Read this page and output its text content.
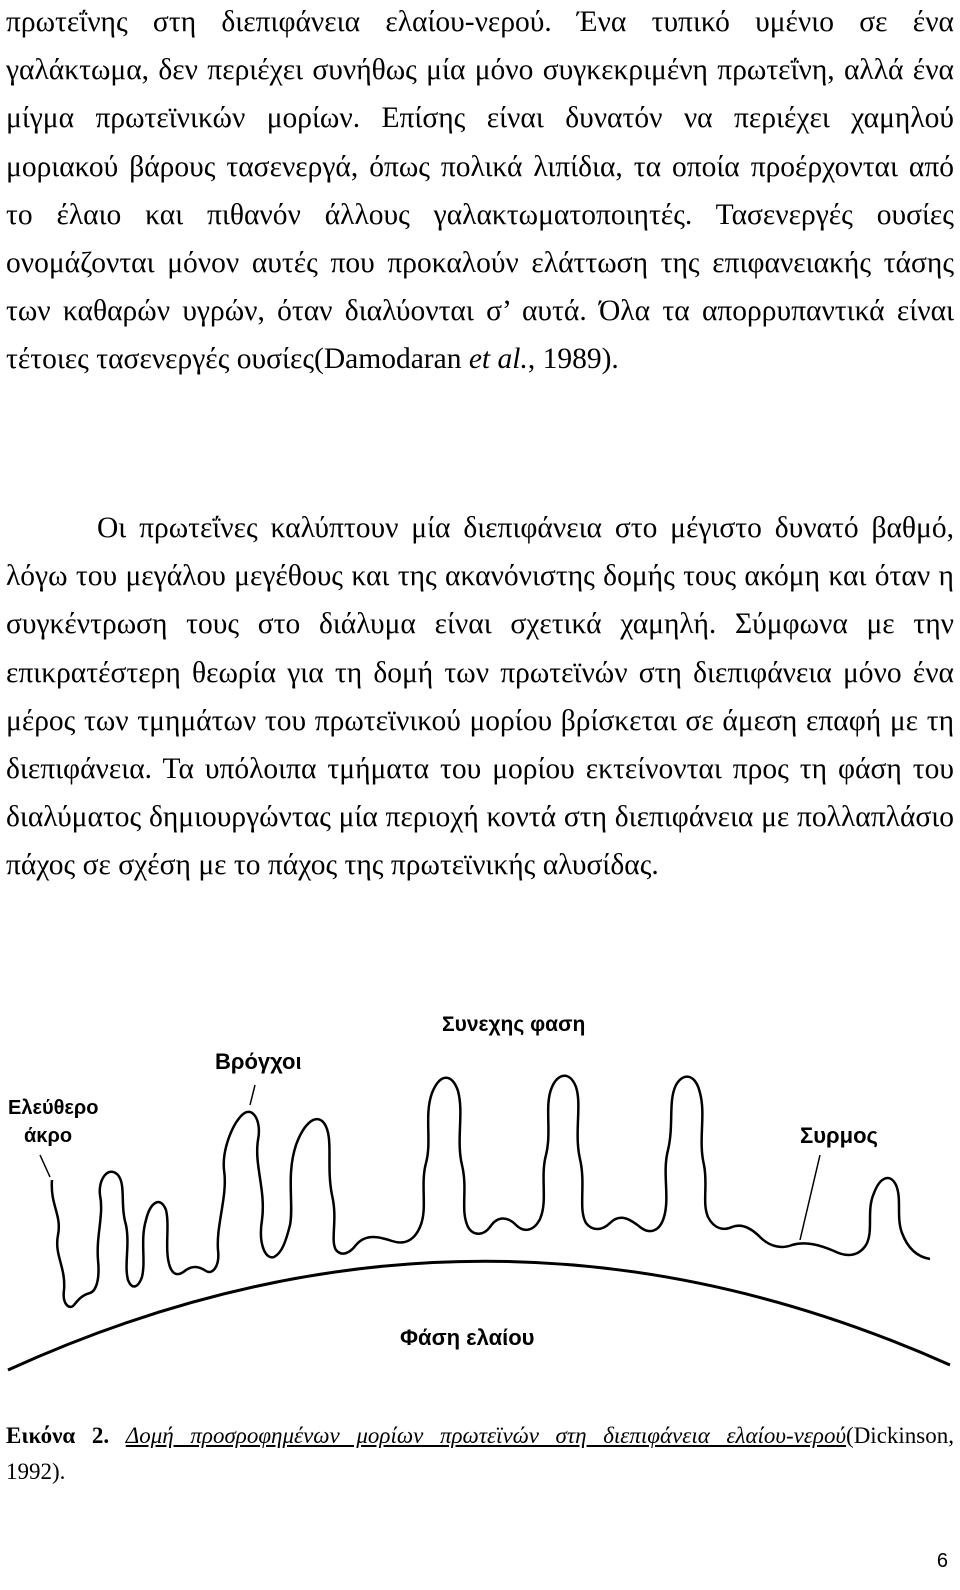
πρωτεΐνης στη διεπιφάνεια ελαίου-νερού. Ένα τυπικό υμένιο σε ένα γαλάκτωμα, δεν περιέχει συνήθως μία μόνο συγκεκριμένη πρωτεΐνη, αλλά ένα μίγμα πρωτεϊνικών μορίων. Επίσης είναι δυνατόν να περιέχει χαμηλού μοριακού βάρους τασενεργά, όπως πολικά λιπίδια, τα οποία προέρχονται από το έλαιο και πιθανόν άλλους γαλακτωματοποιητές. Τασενεργές ουσίες ονομάζονται μόνον αυτές που προκαλούν ελάττωση της επιφανειακής τάσης των καθαρών υγρών, όταν διαλύονται σ’ αυτά. Όλα τα απορρυπαντικά είναι τέτοιες τασενεργές ουσίες(Damodaran et al., 1989).

Οι πρωτεΐνες καλύπτουν μία διεπιφάνεια στο μέγιστο δυνατό βαθμό, λόγω του μεγάλου μεγέθους και της ακανόνιστης δομής τους ακόμη και όταν η συγκέντρωση τους στο διάλυμα είναι σχετικά χαμηλή. Σύμφωνα με την επικρατέστερη θεωρία για τη δομή των πρωτεϊνών στη διεπιφάνεια μόνο ένα μέρος των τμημάτων του πρωτεϊνικού μορίου βρίσκεται σε άμεση επαφή με τη διεπιφάνεια. Τα υπόλοιπα τμήματα του μορίου εκτείνονται προς τη φάση του διαλύματος δημιουργώντας μία περιοχή κοντά στη διεπιφάνεια με πολλαπλάσιο πάχος σε σχέση με το πάχος της πρωτεϊνικής αλυσίδας.

Συνεχης φαση
Βρόγχοι
Ελεύθερο
άκρο	Συρμος
Φάση ελαίου

Εικόνα 2. Δομή προσροφημένων μορίων πρωτεϊνών στη διεπιφάνεια ελαίου-νερού(Dickinson, 1992).

6
